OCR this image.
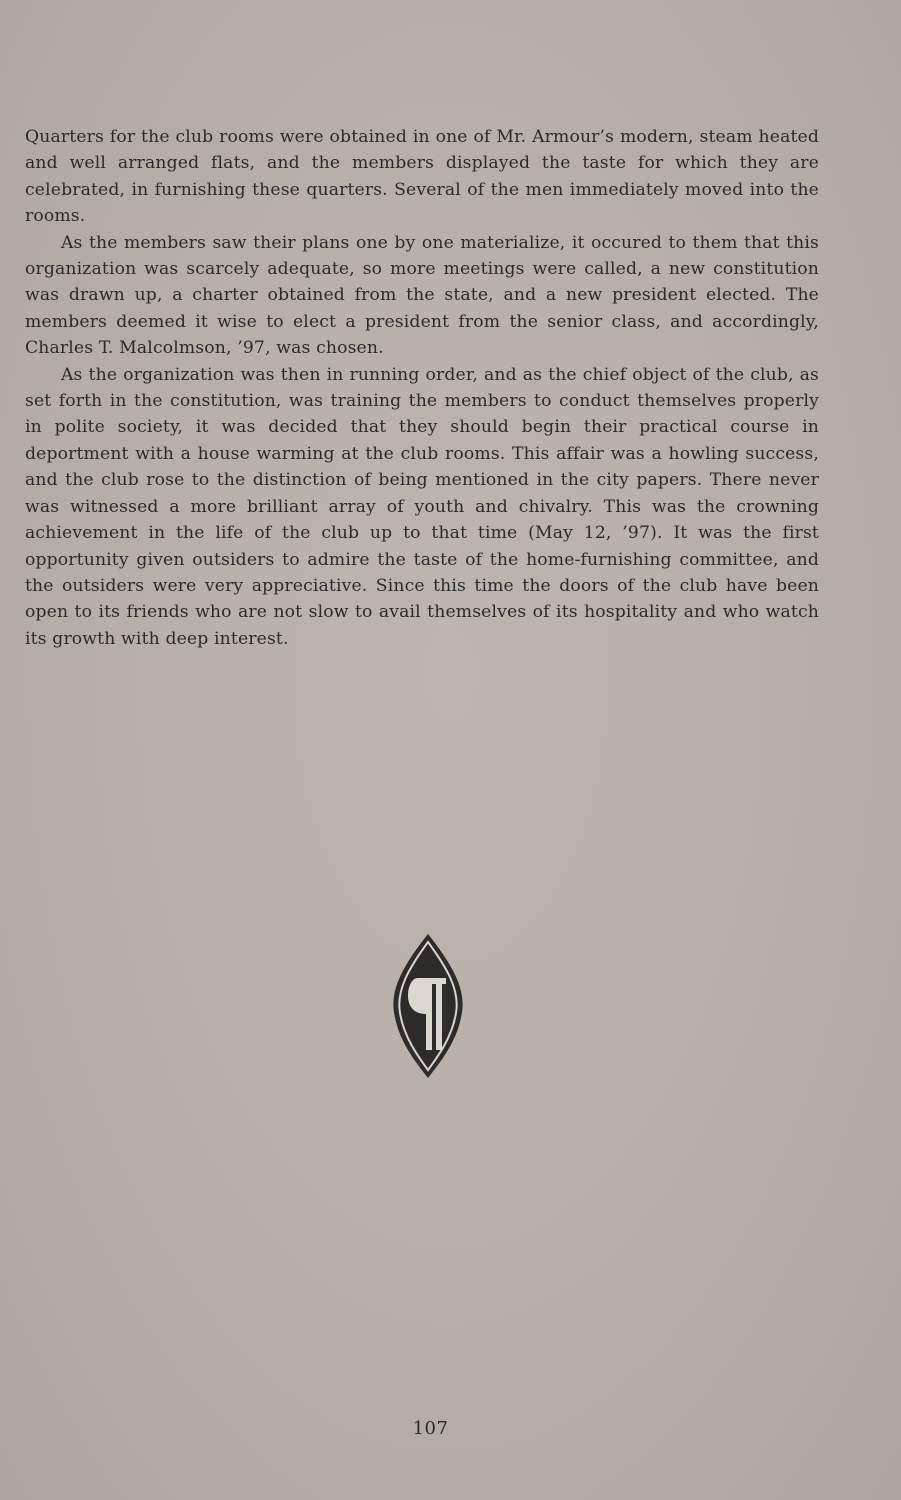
Quarters for the club rooms were obtained in one of Mr. Armour’s modern, steam heated and well arranged flats, and the members displayed the taste for which they are celebrated, in furnishing these quarters. Several of the men immediately moved into the rooms.

As the members saw their plans one by one materialize, it occured to them that this organization was scarcely adequate, so more meetings were called, a new constitution was drawn up, a charter obtained from the state, and a new president elected. The members deemed it wise to elect a president from the senior class, and accordingly, Charles T. Malcolmson, ’97, was chosen.

As the organization was then in running order, and as the chief object of the club, as set forth in the constitution, was training the members to conduct themselves properly in polite society, it was decided that they should begin their practical course in deportment with a house warming at the club rooms. This affair was a howling success, and the club rose to the distinction of being mentioned in the city papers. There never was witnessed a more brilliant array of youth and chivalry. This was the crowning achievement in the life of the club up to that time (May 12, ’97). It was the first opportunity given outsiders to admire the taste of the home-furnishing committee, and the outsiders were very appreciative. Since this time the doors of the club have been open to its friends who are not slow to avail themselves of its hospitality and who watch its growth with deep interest.

107
